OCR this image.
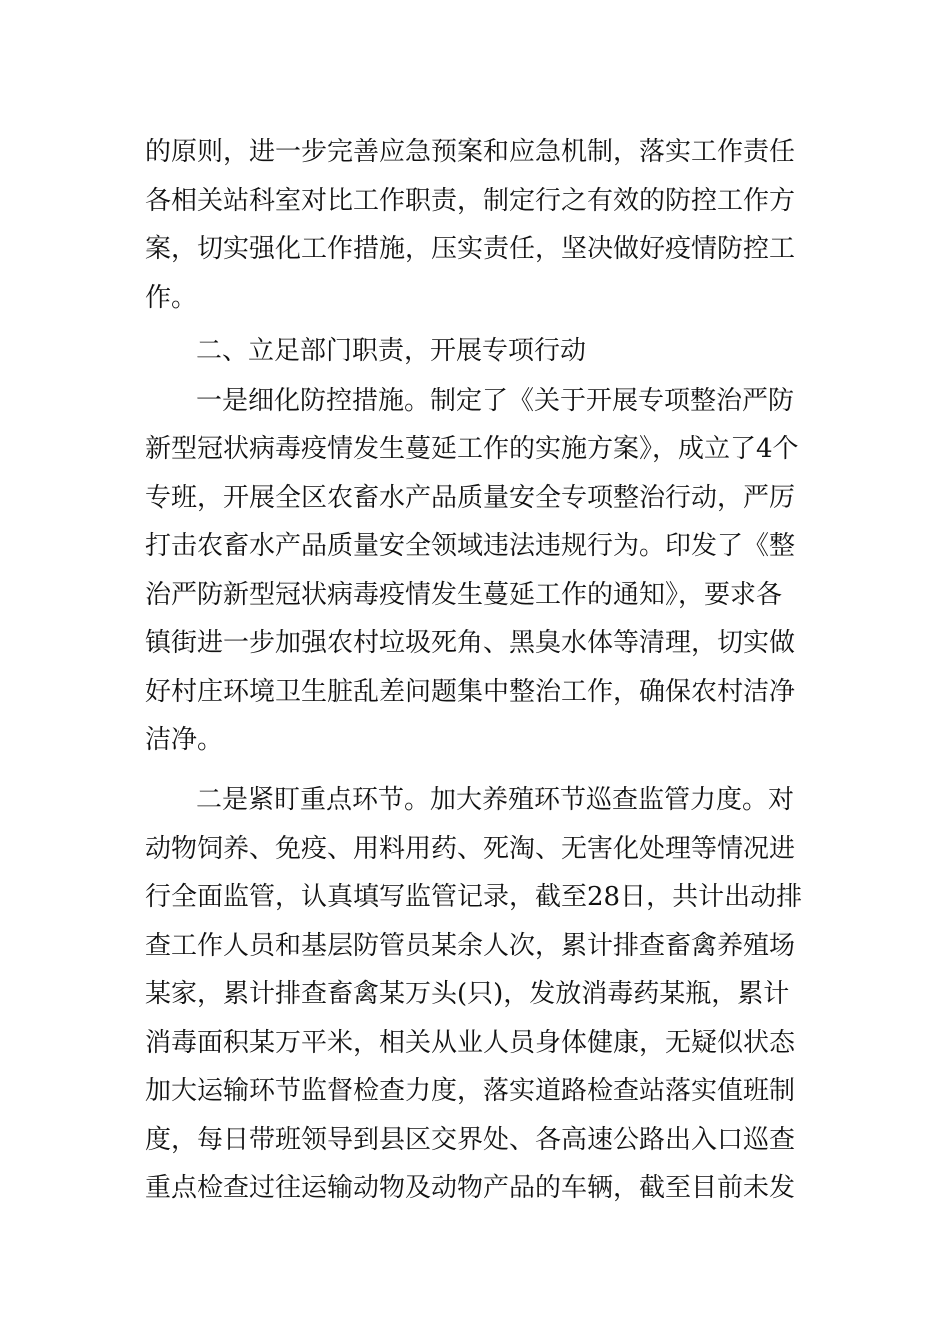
的原则，进一步完善应急预案和应急机制，落实工作责任
各相关站科室对比工作职责，制定行之有效的防控工作方
案，切实强化工作措施，压实责任，坚决做好疫情防控工
作。
二、立足部门职责，开展专项行动
一是细化防控措施。制定了《关于开展专项整治严防
新型冠状病毒疫情发生蔓延工作的实施方案》，成立了4个
专班，开展全区农畜水产品质量安全专项整治行动，严厉
打击农畜水产品质量安全领域违法违规行为。印发了《整
治严防新型冠状病毒疫情发生蔓延工作的通知》，要求各
镇街进一步加强农村垃圾死角、黑臭水体等清理，切实做
好村庄环境卫生脏乱差问题集中整治工作，确保农村洁净
洁净。
二是紧盯重点环节。加大养殖环节巡查监管力度。对
动物饲养、免疫、用料用药、死淘、无害化处理等情况进
行全面监管，认真填写监管记录，截至28日，共计出动排
查工作人员和基层防管员某余人次，累计排查畜禽养殖场
某家，累计排查畜禽某万头(只)，发放消毒药某瓶，累计
消毒面积某万平米，相关从业人员身体健康，无疑似状态
加大运输环节监督检查力度，落实道路检查站落实值班制
度，每日带班领导到县区交界处、各高速公路出入口巡查
重点检查过往运输动物及动物产品的车辆，截至目前未发
